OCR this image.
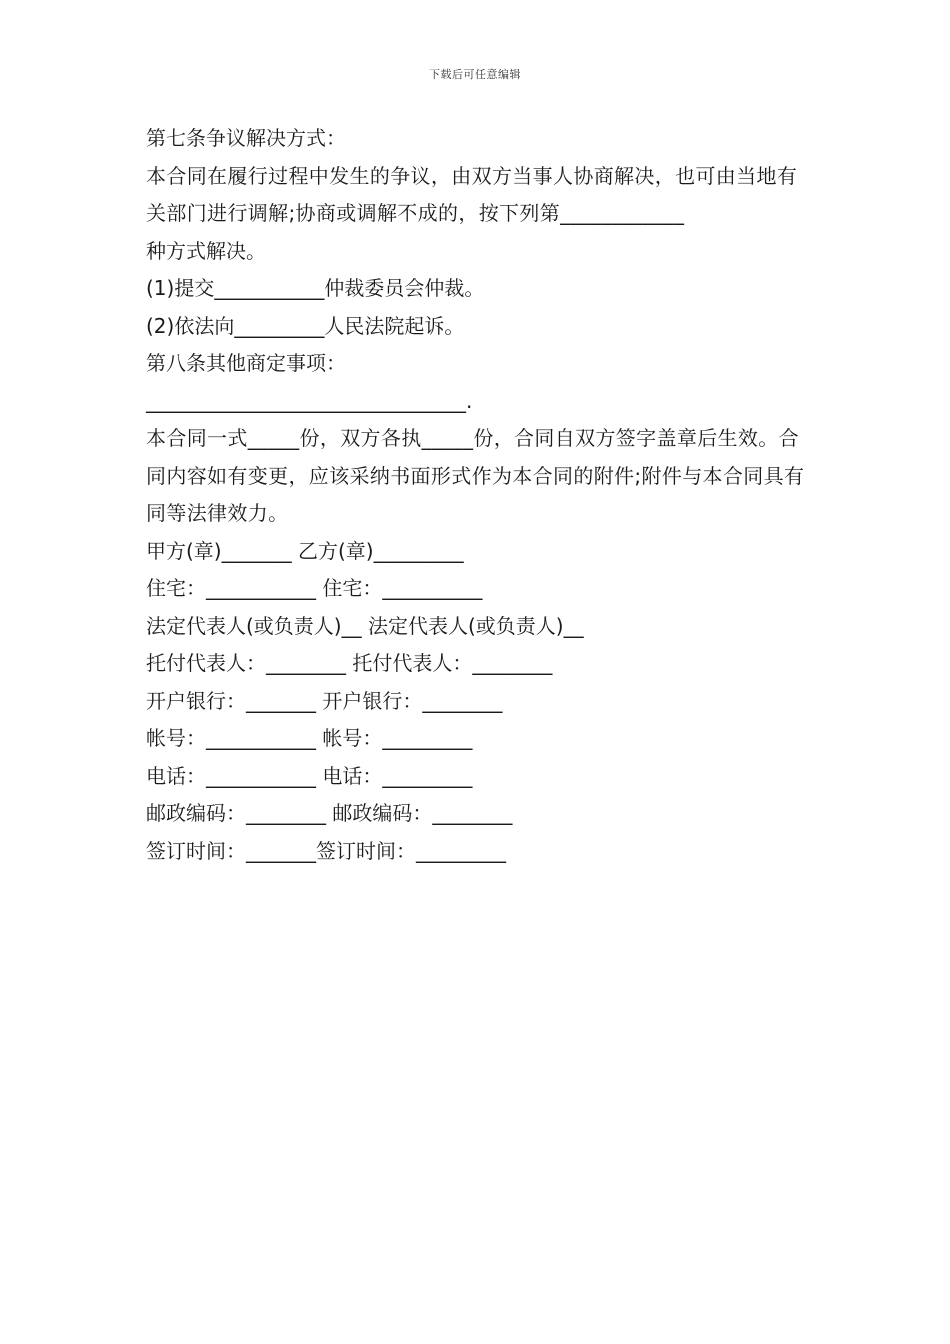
下载后可任意编辑

第七条争议解决方式：

本合同在履行过程中发生的争议，由双方当事人协商解决，也可由当地有关部门进行调解;协商或调解不成的，按下列第____________

种方式解决。

(1)提交___________仲裁委员会仲裁。

(2)依法向_________人民法院起诉。

第八条其他商定事项：

________________________________.

本合同一式_____份，双方各执_____份，合同自双方签字盖章后生效。合同内容如有变更，应该采纳书面形式作为本合同的附件;附件与本合同具有同等法律效力。

甲方(章)_______ 乙方(章)_________

住宅：___________ 住宅：__________

法定代表人(或负责人)__ 法定代表人(或负责人)__

托付代表人：________ 托付代表人：________

开户银行：_______ 开户银行：________

帐号：___________ 帐号：_________

电话：___________ 电话：_________

邮政编码：________ 邮政编码：________

签订时间：_______签订时间：_________
